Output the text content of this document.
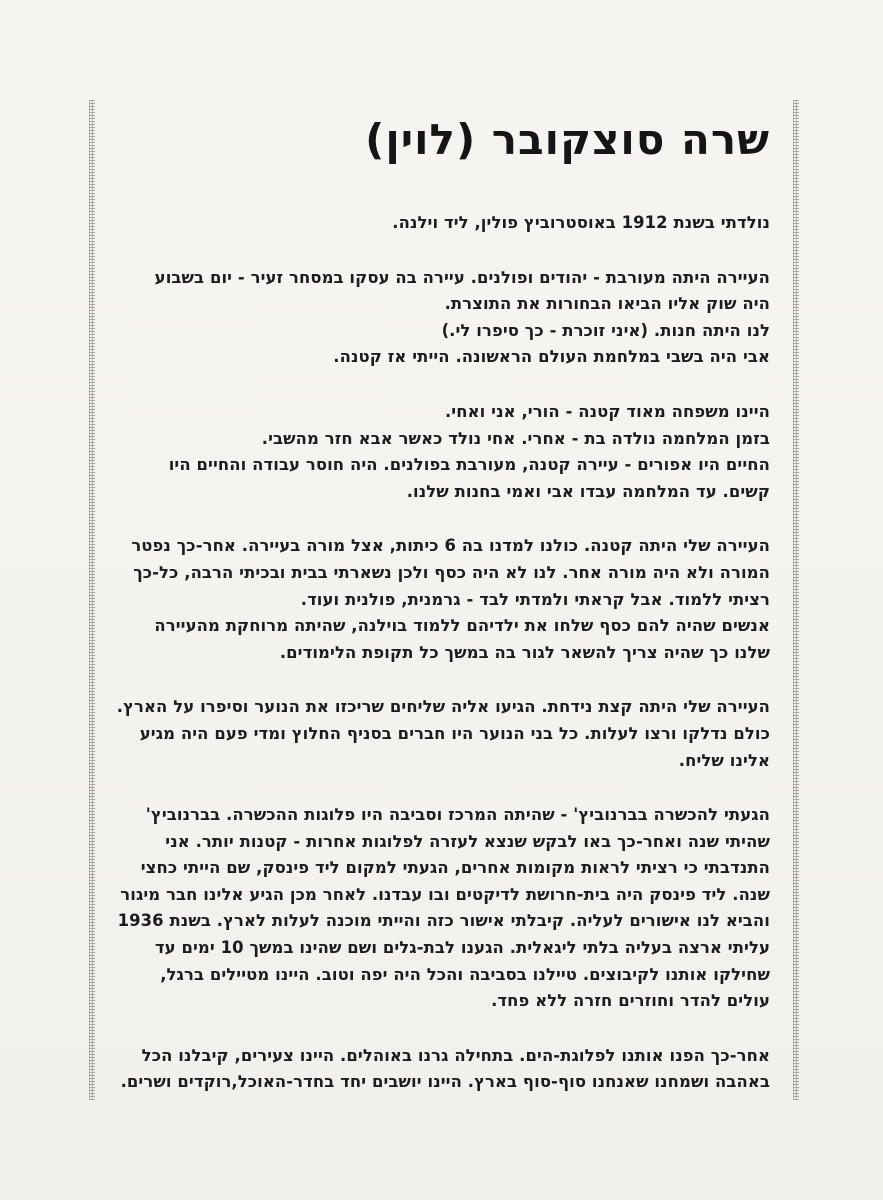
שרה סוצקובר (לוין)

נולדתי בשנת 1912 באוסטרוביץ פולין, ליד וילנה.

העיירה היתה מעורבת - יהודים ופולנים. עיירה בה עסקו במסחר זעיר - יום בשבוע
היה שוק אליו הביאו הבחורות את התוצרת.
לנו היתה חנות. (איני זוכרת - כך סיפרו לי.)
אבי היה בשבי במלחמת העולם הראשונה. הייתי אז קטנה.

היינו משפחה מאוד קטנה - הורי, אני ואחי.
בזמן המלחמה נולדה בת - אחרי. אחי נולד כאשר אבא חזר מהשבי.
החיים היו אפורים - עיירה קטנה, מעורבת בפולנים. היה חוסר עבודה והחיים היו
קשים. עד המלחמה עבדו אבי ואמי בחנות שלנו.

העיירה שלי היתה קטנה. כולנו למדנו בה 6 כיתות, אצל מורה בעיירה. אחר-כך נפטר
המורה ולא היה מורה אחר. לנו לא היה כסף ולכן נשארתי בבית ובכיתי הרבה, כל-כך
רציתי ללמוד. אבל קראתי ולמדתי לבד - גרמנית, פולנית ועוד.
אנשים שהיה להם כסף שלחו את ילדיהם ללמוד בוילנה, שהיתה מרוחקת מהעיירה
שלנו כך שהיה צריך להשאר לגור בה במשך כל תקופת הלימודים.

העיירה שלי היתה קצת נידחת. הגיעו אליה שליחים שריכזו את הנוער וסיפרו על הארץ.
כולם נדלקו ורצו לעלות. כל בני הנוער היו חברים בסניף החלוץ ומדי פעם היה מגיע
אלינו שליח.

הגעתי להכשרה בברנוביץ' - שהיתה המרכז וסביבה היו פלוגות ההכשרה. בברנוביץ'
שהיתי שנה ואחר-כך באו לבקש שנצא לעזרה לפלוגות אחרות - קטנות יותר. אני
התנדבתי כי רציתי לראות מקומות אחרים, הגעתי למקום ליד פינסק, שם הייתי כחצי
שנה. ליד פינסק היה בית-חרושת לדיקטים ובו עבדנו. לאחר מכן הגיע אלינו חבר מיגור
והביא לנו אישורים לעליה. קיבלתי אישור כזה והייתי מוכנה לעלות לארץ. בשנת 1936
עליתי ארצה בעליה בלתי ליגאלית. הגענו לבת-גלים ושם שהינו במשך 10 ימים עד
שחילקו אותנו לקיבוצים. טיילנו בסביבה והכל היה יפה וטוב. היינו מטיילים ברגל,
עולים להדר וחוזרים חזרה ללא פחד.

אחר-כך הפנו אותנו לפלוגת-הים. בתחילה גרנו באוהלים. היינו צעירים, קיבלנו הכל
באהבה ושמחנו שאנחנו סוף-סוף בארץ. היינו יושבים יחד בחדר-האוכל,רוקדים ושרים.
